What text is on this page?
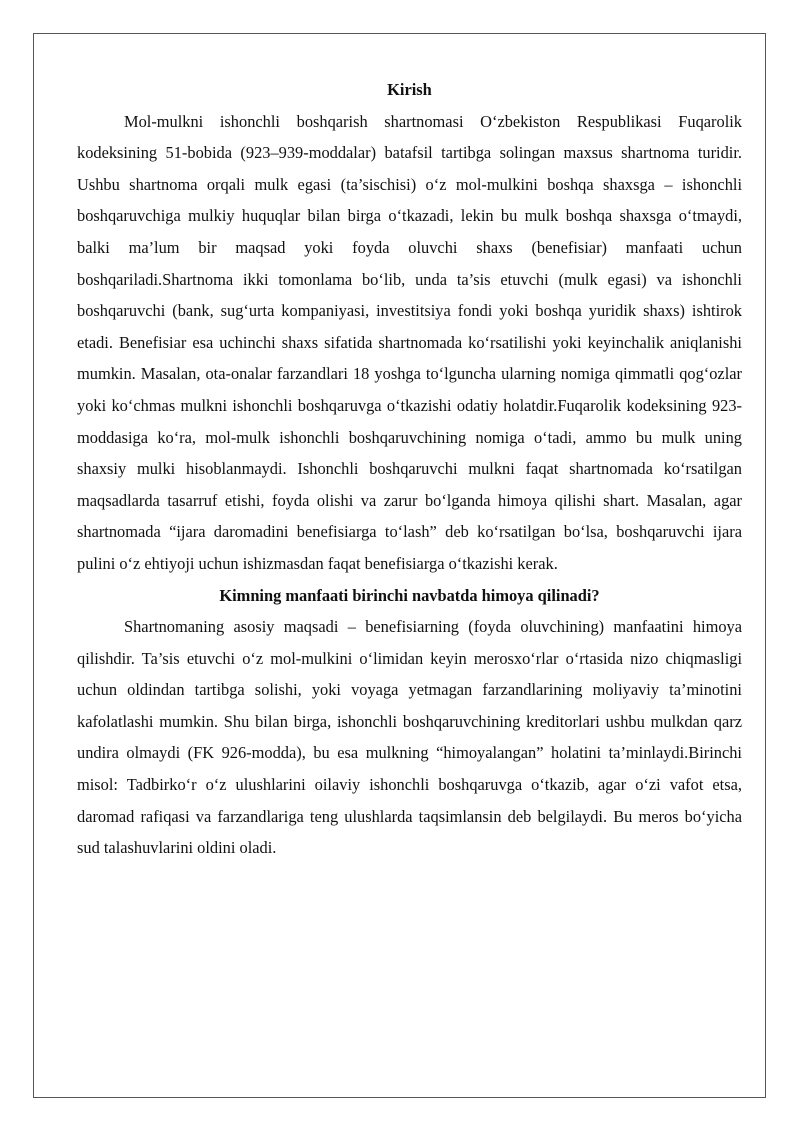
Kirish

Mol-mulkni ishonchli boshqarish shartnomasi O‘zbekiston Respublikasi Fuqarolik kodeksining 51-bobida (923–939-moddalar) batafsil tartibga solingan maxsus shartnoma turidir. Ushbu shartnoma orqali mulk egasi (ta’sischisi) o‘z mol-mulkini boshqa shaxsga – ishonchli boshqaruvchiga mulkiy huquqlar bilan birga o‘tkazadi, lekin bu mulk boshqa shaxsga o‘tmaydi, balki ma’lum bir maqsad yoki foyda oluvchi shaxs (benefisiar) manfaati uchun boshqariladi.Shartnoma ikki tomonlama bo‘lib, unda ta’sis etuvchi (mulk egasi) va ishonchli boshqaruvchi (bank, sug‘urta kompaniyasi, investitsiya fondi yoki boshqa yuridik shaxs) ishtirok etadi. Benefisiar esa uchinchi shaxs sifatida shartnomada ko‘rsatilishi yoki keyinchalik aniqlanishi mumkin. Masalan, ota-onalar farzandlari 18 yoshga to‘lguncha ularning nomiga qimmatli qog‘ozlar yoki ko‘chmas mulkni ishonchli boshqaruvga o‘tkazishi odatiy holatdir.Fuqarolik kodeksining 923-moddasiga ko‘ra, mol-mulk ishonchli boshqaruvchining nomiga o‘tadi, ammo bu mulk uning shaxsiy mulki hisoblanmaydi. Ishonchli boshqaruvchi mulkni faqat shartnomada ko‘rsatilgan maqsadlarda tasarruf etishi, foyda olishi va zarur bo‘lganda himoya qilishi shart. Masalan, agar shartnomada “ijara daromadini benefisiarga to‘lash” deb ko‘rsatilgan bo‘lsa, boshqaruvchi ijara pulini o‘z ehtiyoji uchun ishizmasdan faqat benefisiarga o‘tkazishi kerak.

Kimning manfaati birinchi navbatda himoya qilinadi?

Shartnomaning asosiy maqsadi – benefisiarning (foyda oluvchining) manfaatini himoya qilishdir. Ta’sis etuvchi o‘z mol-mulkini o‘limidan keyin merosxo‘rlar o‘rtasida nizo chiqmasligi uchun oldindan tartibga solishi, yoki voyaga yetmagan farzandlarining moliyaviy ta’minotini kafolatlashi mumkin. Shu bilan birga, ishonchli boshqaruvchining kreditorlari ushbu mulkdan qarz undira olmaydi (FK 926-modda), bu esa mulkning “himoyalangan” holatini ta’minlaydi.Birinchi misol: Tadbirko‘r o‘z ulushlarini oilaviy ishonchli boshqaruvga o‘tkazib, agar o‘zi vafot etsa, daromad rafiqasi va farzandlariga teng ulushlarda taqsimlansin deb belgilaydi. Bu meros bo‘yicha sud talashuvlarini oldini oladi.
